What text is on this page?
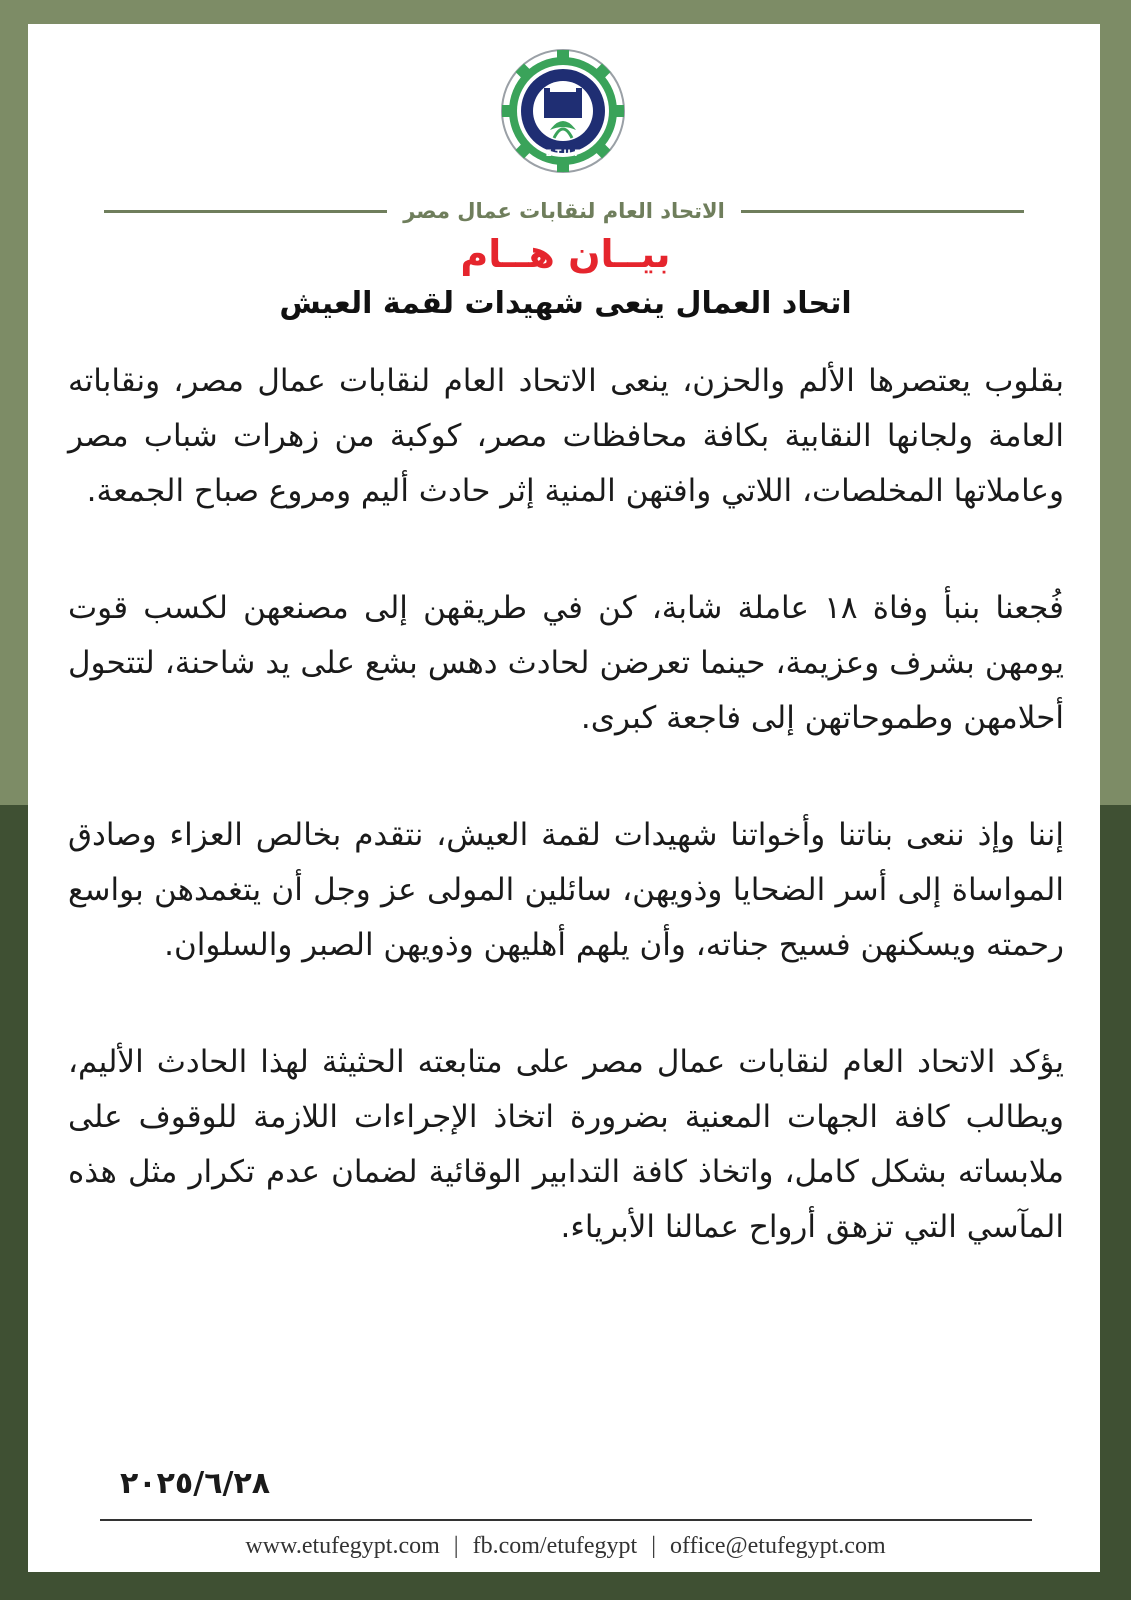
E.T.U.F
الاتحاد العام لنقابات عمال مصر
بيــان هــام
اتحاد العمال ينعى شهيدات لقمة العيش

بقلوب يعتصرها الألم والحزن، ينعى الاتحاد العام لنقابات عمال مصر، ونقاباته العامة ولجانها النقابية بكافة محافظات مصر، كوكبة من زهرات شباب مصر وعاملاتها المخلصات، اللاتي وافتهن المنية إثر حادث أليم ومروع صباح الجمعة.

فُجعنا بنبأ وفاة ١٨ عاملة شابة، كن في طريقهن إلى مصنعهن لكسب قوت يومهن بشرف وعزيمة، حينما تعرضن لحادث دهس بشع على يد شاحنة، لتتحول أحلامهن وطموحاتهن إلى فاجعة كبرى.

إننا وإذ ننعى بناتنا وأخواتنا شهيدات لقمة العيش، نتقدم بخالص العزاء وصادق المواساة إلى أسر الضحايا وذويهن، سائلين المولى عز وجل أن يتغمدهن بواسع رحمته ويسكنهن فسيح جناته، وأن يلهم أهليهن وذويهن الصبر والسلوان.

يؤكد الاتحاد العام لنقابات عمال مصر على متابعته الحثيثة لهذا الحادث الأليم، ويطالب كافة الجهات المعنية بضرورة اتخاذ الإجراءات اللازمة للوقوف على ملابساته بشكل كامل، واتخاذ كافة التدابير الوقائية لضمان عدم تكرار مثل هذه المآسي التي تزهق أرواح عمالنا الأبرياء.

٢٠٢٥/٦/٢٨
www.etufegypt.com | fb.com/etufegypt | office@etufegypt.com
